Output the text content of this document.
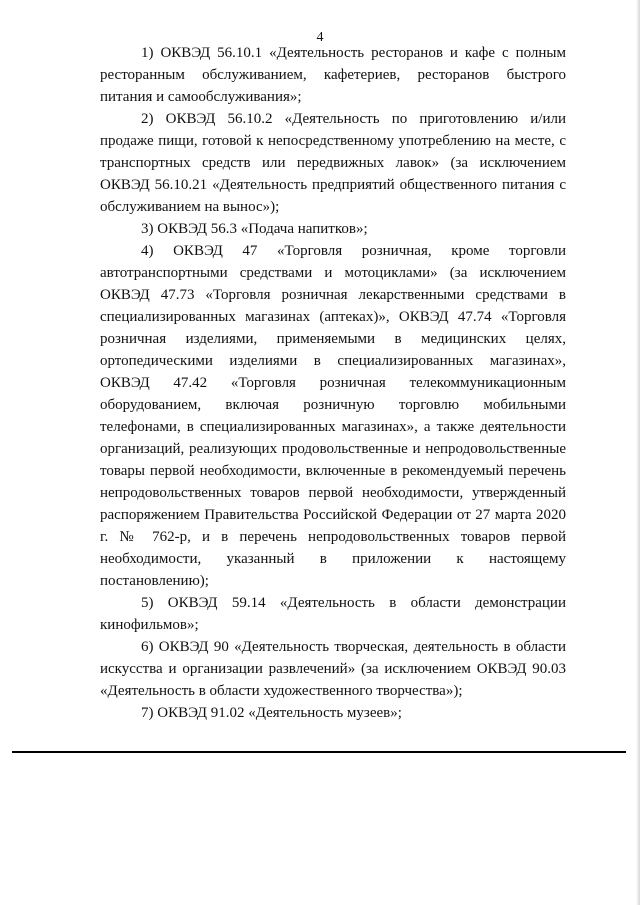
4

1) ОКВЭД 56.10.1 «Деятельность ресторанов и кафе с полным ресторанным обслуживанием, кафетериев, ресторанов быстрого питания и самообслуживания»;

2) ОКВЭД 56.10.2 «Деятельность по приготовлению и/или продаже пищи, готовой к непосредственному употреблению на месте, с транспортных средств или передвижных лавок» (за исключением ОКВЭД 56.10.21 «Деятельность предприятий общественного питания с обслуживанием на вынос»);

3) ОКВЭД 56.3 «Подача напитков»;

4) ОКВЭД 47 «Торговля розничная, кроме торговли автотранспортными средствами и мотоциклами» (за исключением ОКВЭД 47.73 «Торговля розничная лекарственными средствами в специализированных магазинах (аптеках)», ОКВЭД 47.74 «Торговля розничная изделиями, применяемыми в медицинских целях, ортопедическими изделиями в специализированных магазинах», ОКВЭД 47.42 «Торговля розничная телекоммуникационным оборудованием, включая розничную торговлю мобильными телефонами, в специализированных магазинах», а также деятельности организаций, реализующих продовольственные и непродовольственные товары первой необходимости, включенные в рекомендуемый перечень непродовольственных товаров первой необходимости, утвержденный распоряжением Правительства Российской Федерации от 27 марта 2020 г. № 762-р, и в перечень непродовольственных товаров первой необходимости, указанный в приложении к настоящему постановлению);

5) ОКВЭД 59.14 «Деятельность в области демонстрации кинофильмов»;

6) ОКВЭД 90 «Деятельность творческая, деятельность в области искусства и организации развлечений» (за исключением ОКВЭД 90.03 «Деятельность в области художественного творчества»);

7) ОКВЭД 91.02 «Деятельность музеев»;
